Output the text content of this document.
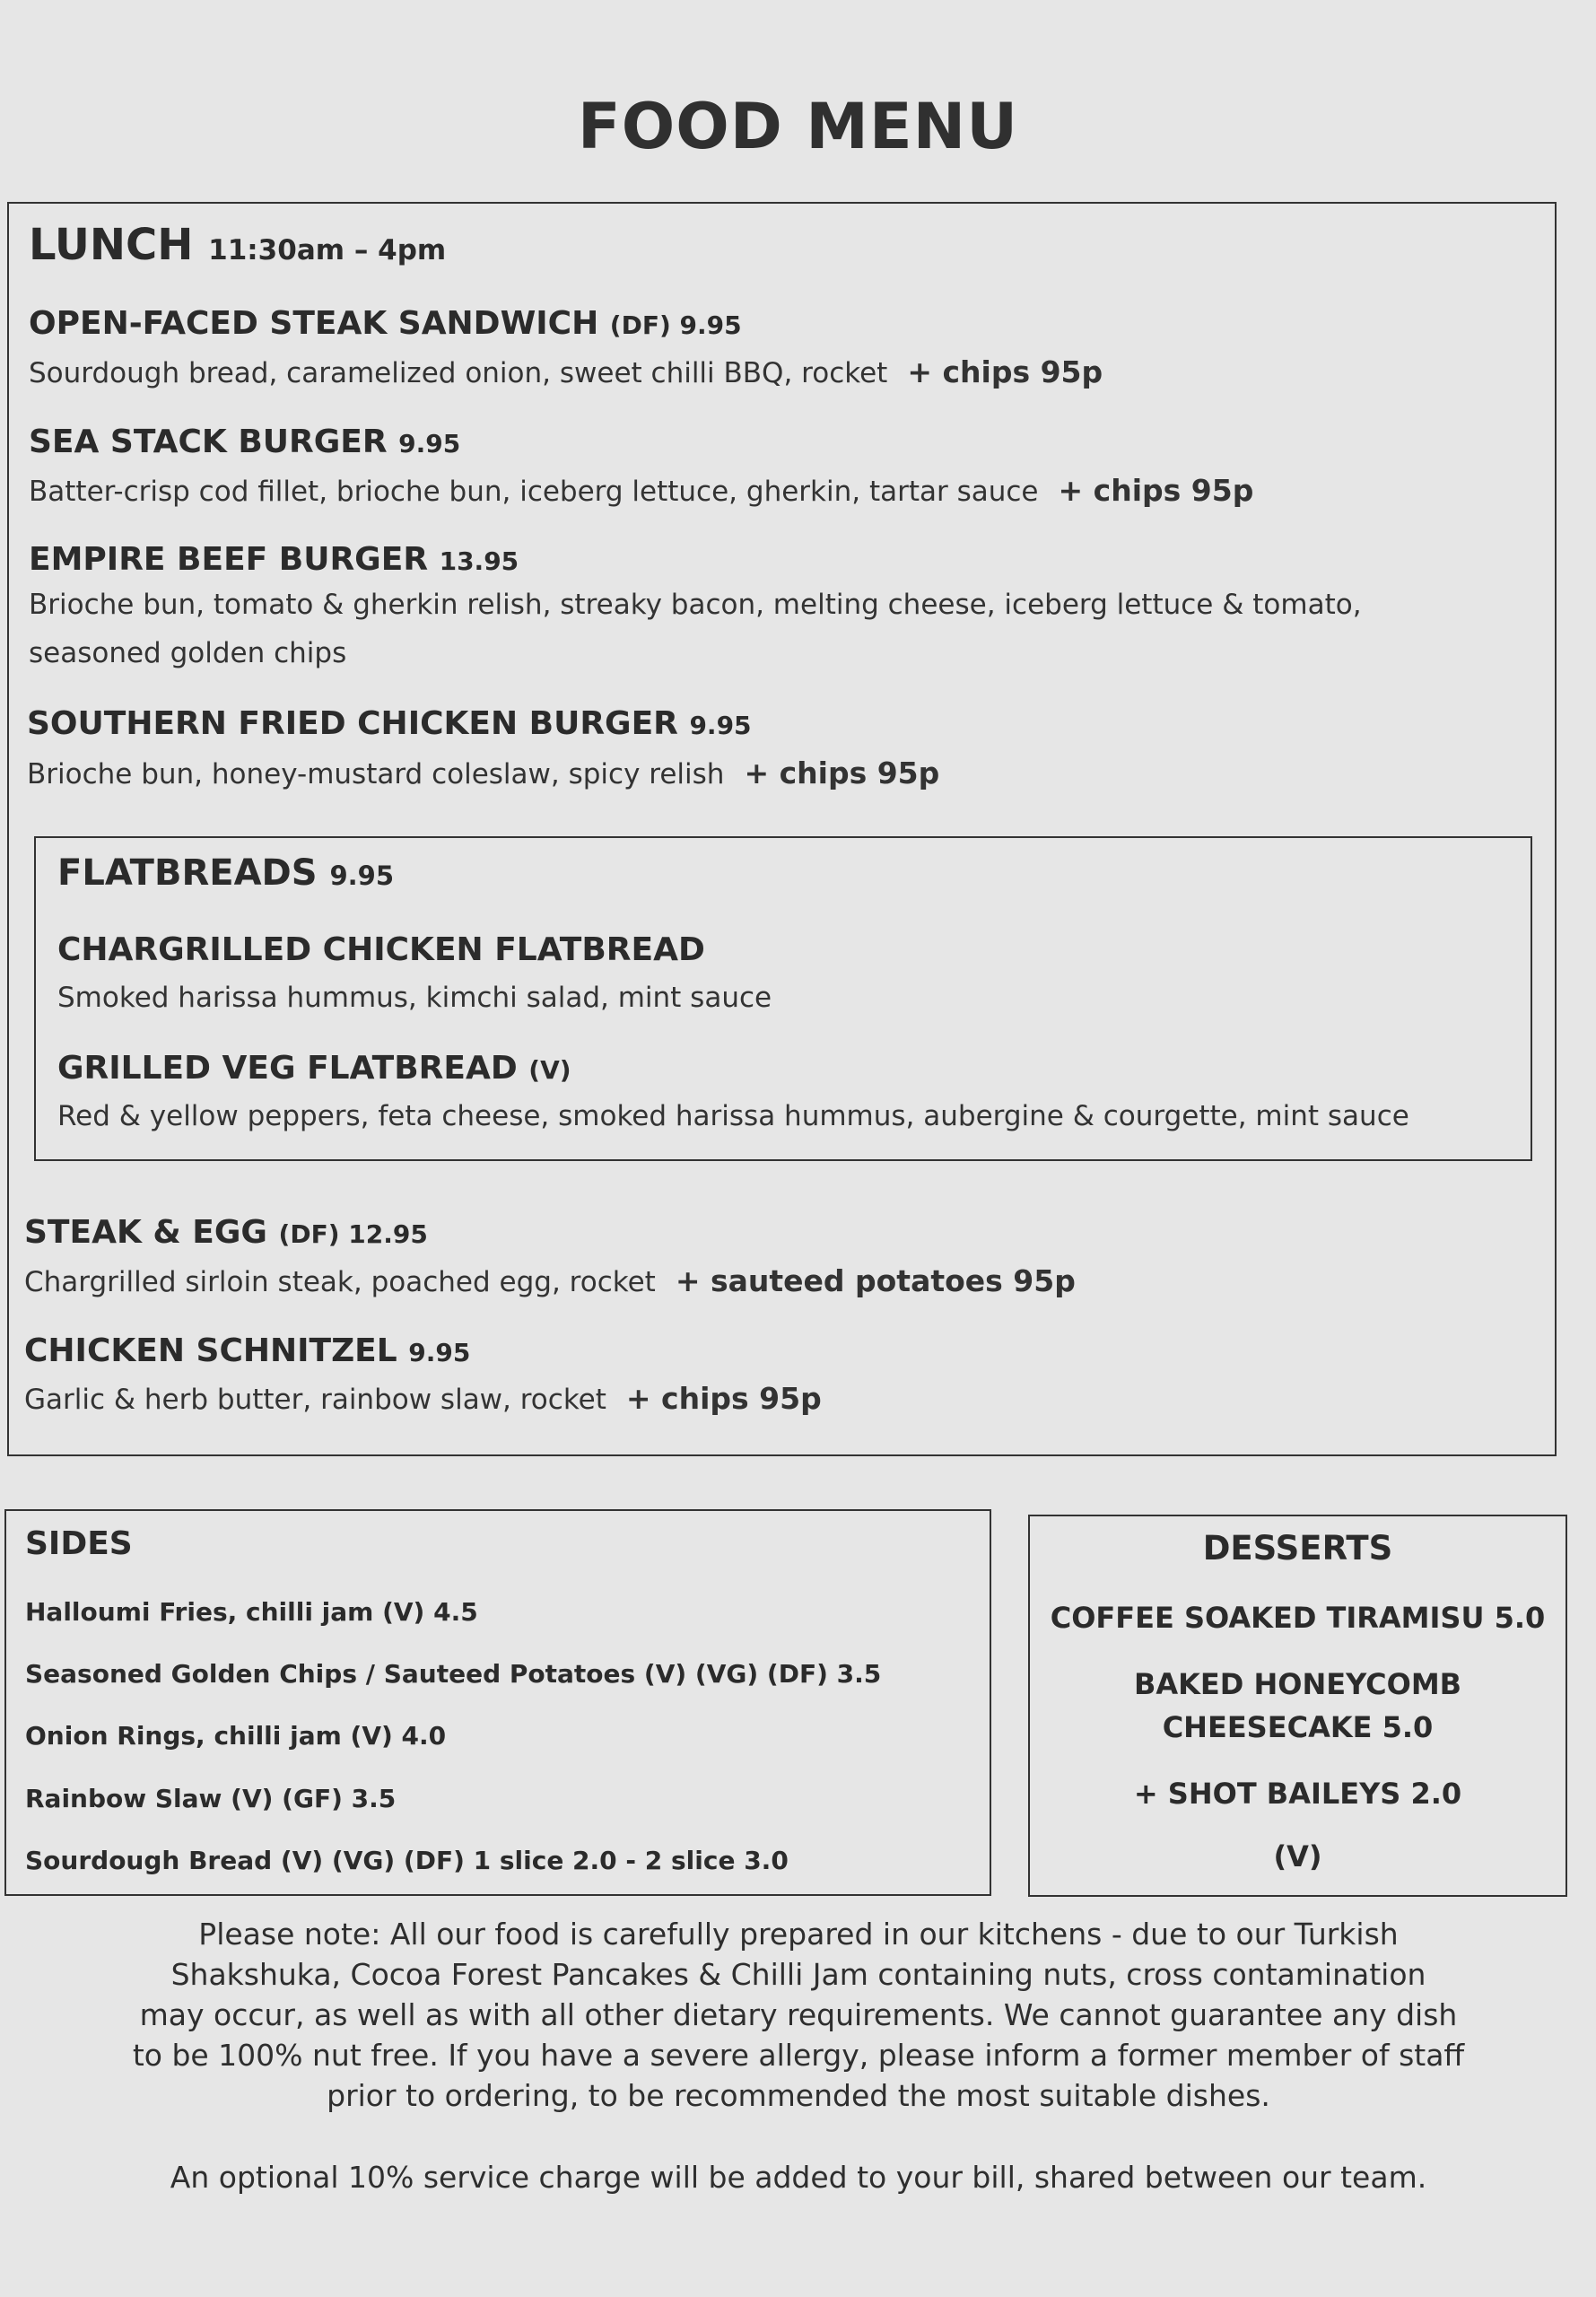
FOOD MENU
LUNCH 11:30am – 4pm
OPEN-FACED STEAK SANDWICH (DF) 9.95
Sourdough bread, caramelized onion, sweet chilli BBQ, rocket + chips 95p
SEA STACK BURGER 9.95
Batter-crisp cod fillet, brioche bun, iceberg lettuce, gherkin, tartar sauce + chips 95p
EMPIRE BEEF BURGER 13.95
Brioche bun, tomato & gherkin relish, streaky bacon, melting cheese, iceberg lettuce & tomato,
seasoned golden chips
SOUTHERN FRIED CHICKEN BURGER 9.95
Brioche bun, honey-mustard coleslaw, spicy relish + chips 95p
FLATBREADS 9.95
CHARGRILLED CHICKEN FLATBREAD
Smoked harissa hummus, kimchi salad, mint sauce
GRILLED VEG FLATBREAD (V)
Red & yellow peppers, feta cheese, smoked harissa hummus, aubergine & courgette, mint sauce
STEAK & EGG (DF) 12.95
Chargrilled sirloin steak, poached egg, rocket + sauteed potatoes 95p
CHICKEN SCHNITZEL 9.95
Garlic & herb butter, rainbow slaw, rocket + chips 95p
SIDES
Halloumi Fries, chilli jam (V) 4.5
Seasoned Golden Chips / Sauteed Potatoes (V) (VG) (DF) 3.5
Onion Rings, chilli jam (V) 4.0
Rainbow Slaw (V) (GF) 3.5
Sourdough Bread (V) (VG) (DF) 1 slice 2.0 - 2 slice 3.0
DESSERTS
COFFEE SOAKED TIRAMISU 5.0
BAKED HONEYCOMB
CHEESECAKE 5.0
+ SHOT BAILEYS 2.0
(V)
Please note: All our food is carefully prepared in our kitchens - due to our Turkish
Shakshuka, Cocoa Forest Pancakes & Chilli Jam containing nuts, cross contamination
may occur, as well as with all other dietary requirements. We cannot guarantee any dish
to be 100% nut free. If you have a severe allergy, please inform a former member of staff
prior to ordering, to be recommended the most suitable dishes.
An optional 10% service charge will be added to your bill, shared between our team.
